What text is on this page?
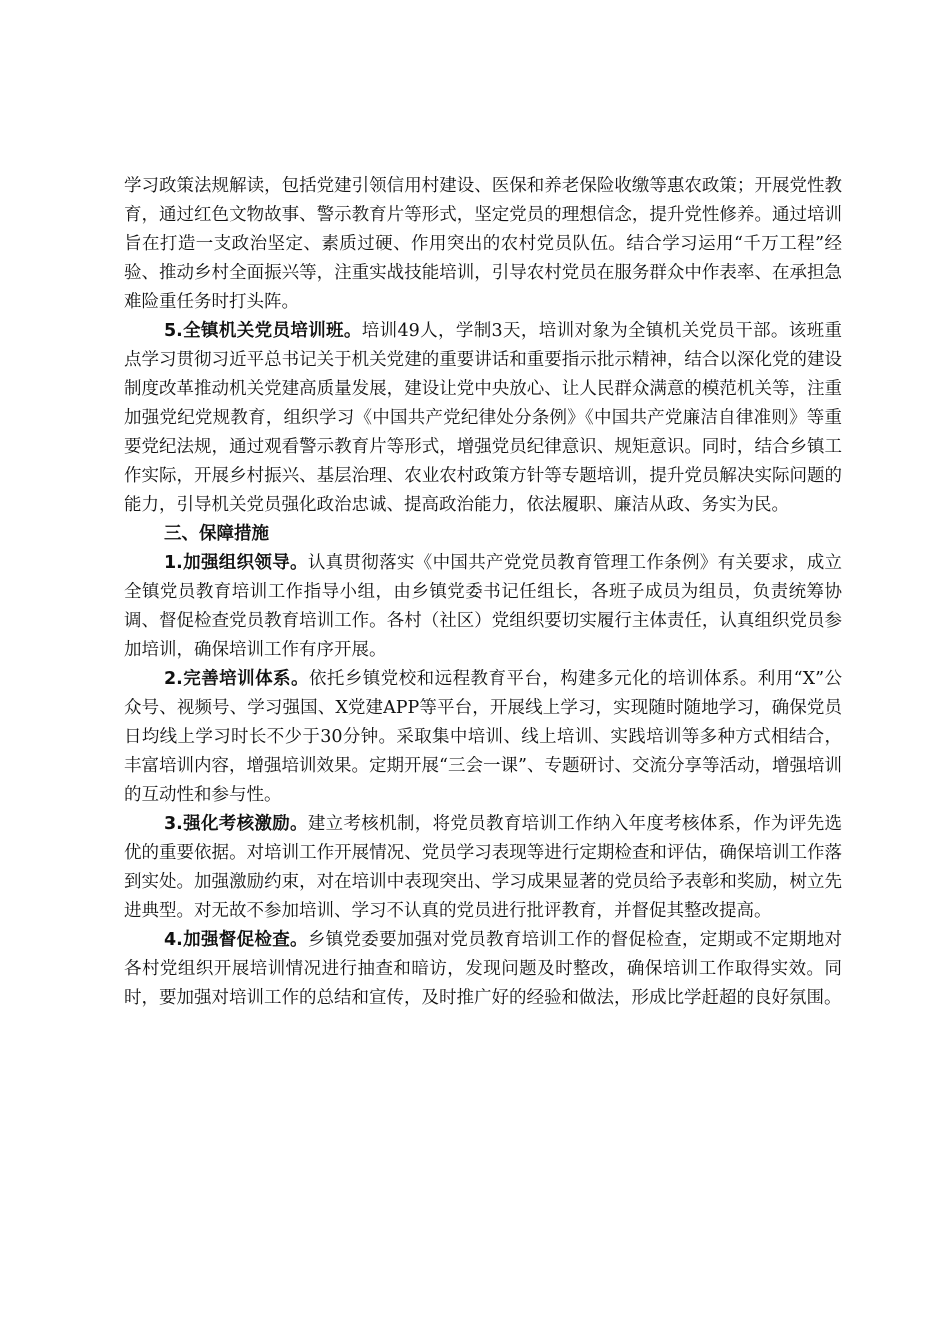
学习政策法规解读，包括党建引领信用村建设、医保和养老保险收缴等惠农政策；开展党性教育，通过红色文物故事、警示教育片等形式，坚定党员的理想信念，提升党性修养。通过培训旨在打造一支政治坚定、素质过硬、作用突出的农村党员队伍。结合学习运用“千万工程”经验、推动乡村全面振兴等，注重实战技能培训，引导农村党员在服务群众中作表率、在承担急难险重任务时打头阵。

5.全镇机关党员培训班。培训49人，学制3天，培训对象为全镇机关党员干部。该班重点学习贯彻习近平总书记关于机关党建的重要讲话和重要指示批示精神，结合以深化党的建设制度改革推动机关党建高质量发展，建设让党中央放心、让人民群众满意的模范机关等，注重加强党纪党规教育，组织学习《中国共产党纪律处分条例》《中国共产党廉洁自律准则》等重要党纪法规，通过观看警示教育片等形式，增强党员纪律意识、规矩意识。同时，结合乡镇工作实际，开展乡村振兴、基层治理、农业农村政策方针等专题培训，提升党员解决实际问题的能力，引导机关党员强化政治忠诚、提高政治能力，依法履职、廉洁从政、务实为民。

三、保障措施

1.加强组织领导。认真贯彻落实《中国共产党党员教育管理工作条例》有关要求，成立全镇党员教育培训工作指导小组，由乡镇党委书记任组长，各班子成员为组员，负责统筹协调、督促检查党员教育培训工作。各村（社区）党组织要切实履行主体责任，认真组织党员参加培训，确保培训工作有序开展。

2.完善培训体系。依托乡镇党校和远程教育平台，构建多元化的培训体系。利用“X”公众号、视频号、学习强国、X党建APP等平台，开展线上学习，实现随时随地学习，确保党员日均线上学习时长不少于30分钟。采取集中培训、线上培训、实践培训等多种方式相结合，丰富培训内容，增强培训效果。定期开展“三会一课”、专题研讨、交流分享等活动，增强培训的互动性和参与性。

3.强化考核激励。建立考核机制，将党员教育培训工作纳入年度考核体系，作为评先选优的重要依据。对培训工作开展情况、党员学习表现等进行定期检查和评估，确保培训工作落到实处。加强激励约束，对在培训中表现突出、学习成果显著的党员给予表彰和奖励，树立先进典型。对无故不参加培训、学习不认真的党员进行批评教育，并督促其整改提高。

4.加强督促检查。乡镇党委要加强对党员教育培训工作的督促检查，定期或不定期地对各村党组织开展培训情况进行抽查和暗访，发现问题及时整改，确保培训工作取得实效。同时，要加强对培训工作的总结和宣传，及时推广好的经验和做法，形成比学赶超的良好氛围。
